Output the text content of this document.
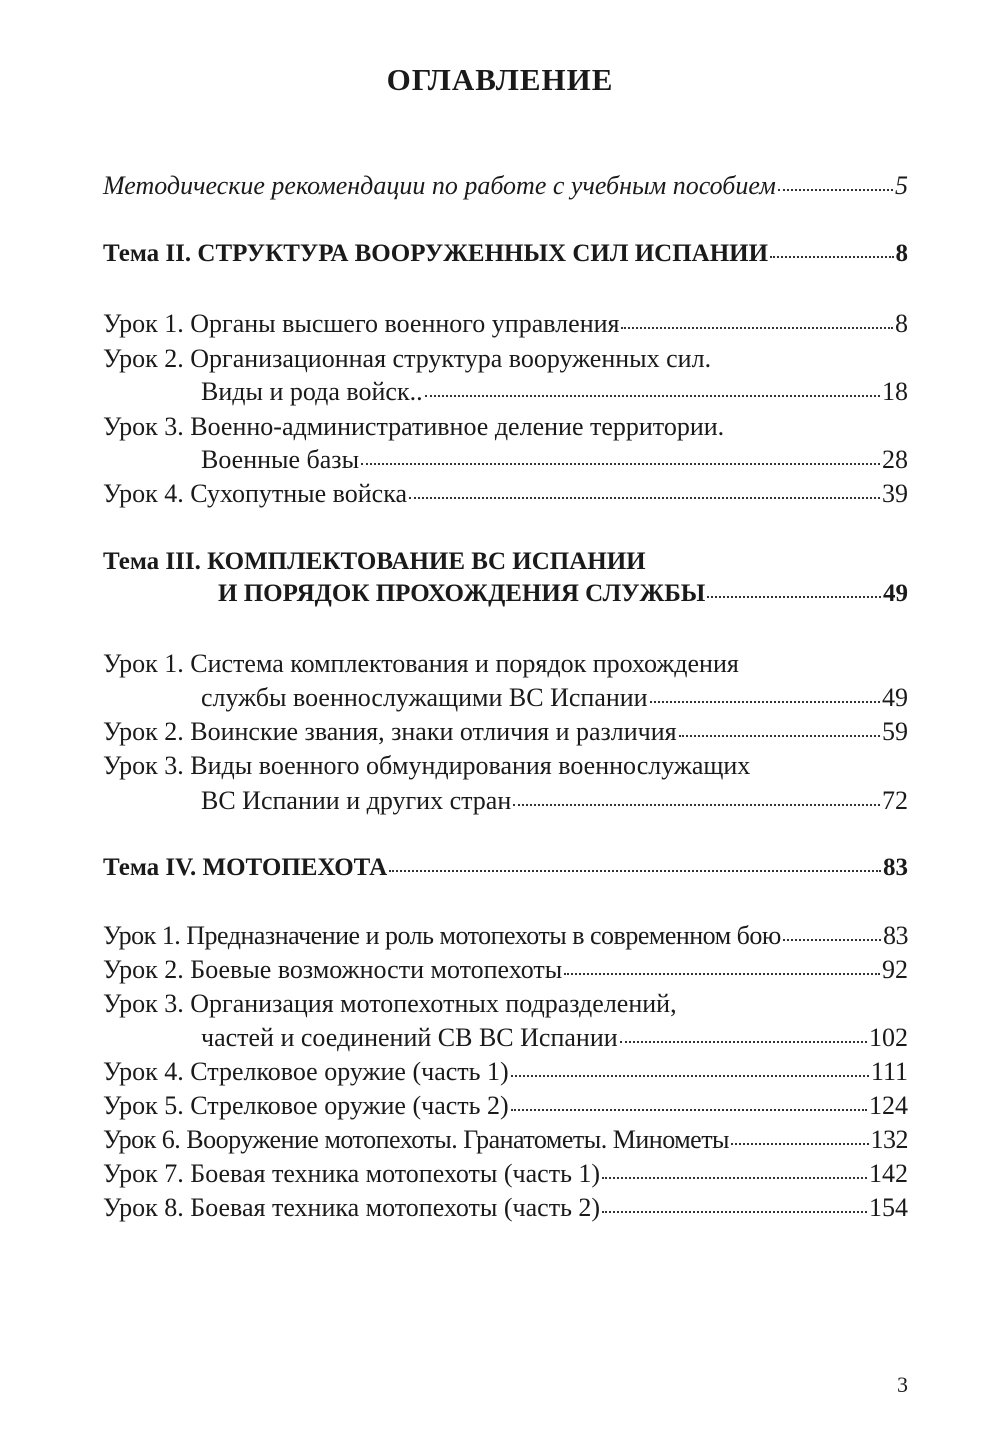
ОГЛАВЛЕНИЕ
Методические рекомендации по работе с учебным пособием	5
Тема II. СТРУКТУРА ВООРУЖЕННЫХ СИЛ ИСПАНИИ	8
Урок 1. Органы высшего военного управления	8
Урок 2. Организационная структура вооруженных сил.
Виды и рода войск..	18
Урок 3. Военно-административное деление территории.
Военные базы	28
Урок 4. Сухопутные войска	39
Тема III. КОМПЛЕКТОВАНИЕ ВС ИСПАНИИ
И ПОРЯДОК ПРОХОЖДЕНИЯ СЛУЖБЫ	49
Урок 1. Система комплектования и порядок прохождения
службы военнослужащими ВС Испании	49
Урок 2. Воинские звания, знаки отличия и различия	59
Урок 3. Виды военного обмундирования военнослужащих
ВС Испании и других стран	72
Тема IV. МОТОПЕХОТА	83
Урок 1. Предназначение и роль мотопехоты в современном бою	83
Урок 2. Боевые возможности мотопехоты	92
Урок 3. Организация мотопехотных подразделений,
частей и соединений СВ ВС Испании	102
Урок 4. Стрелковое оружие (часть 1)	111
Урок 5. Стрелковое оружие (часть 2)	124
Урок 6. Вооружение мотопехоты. Гранатометы. Минометы	132
Урок 7. Боевая техника мотопехоты (часть 1)	142
Урок 8. Боевая техника мотопехоты (часть 2)	154
3
